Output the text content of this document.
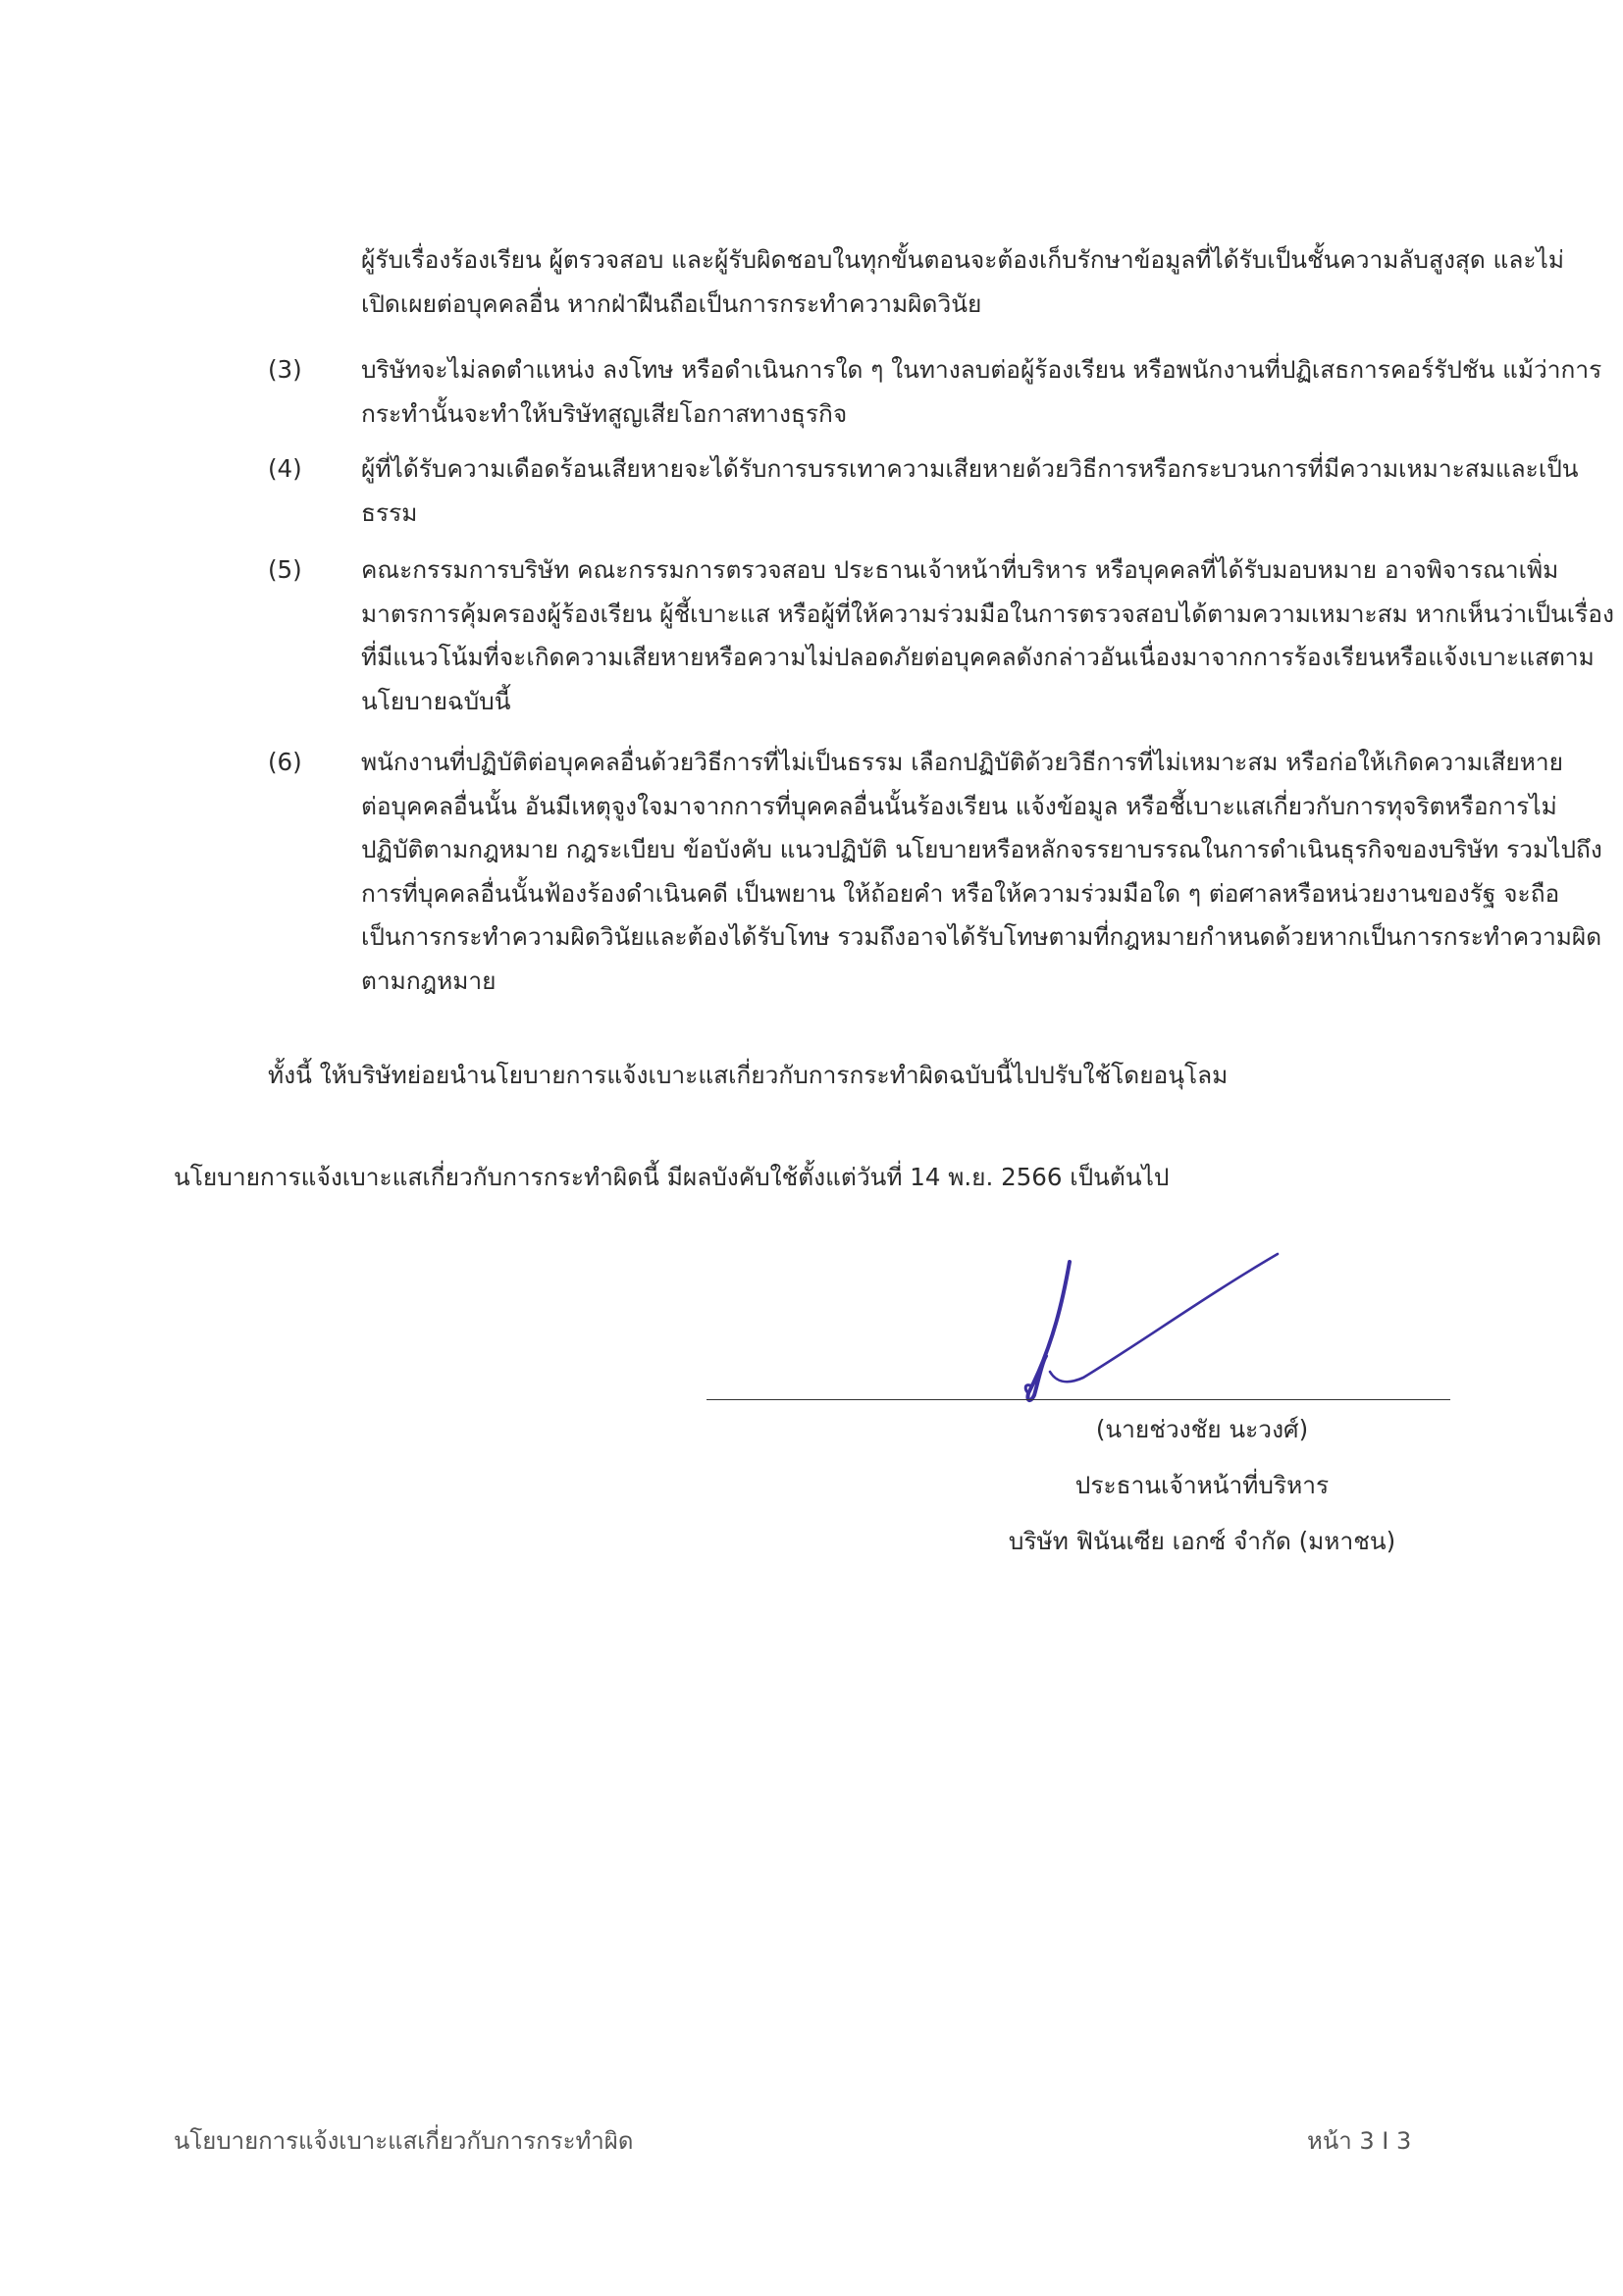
ผู้รับเรื่องร้องเรียน ผู้ตรวจสอบ และผู้รับผิดชอบในทุกขั้นตอนจะต้องเก็บรักษาข้อมูลที่ได้รับเป็นชั้นความลับสูงสุด และไม่
เปิดเผยต่อบุคคลอื่น หากฝ่าฝืนถือเป็นการกระทำความผิดวินัย
(3) บริษัทจะไม่ลดตำแหน่ง ลงโทษ หรือดำเนินการใด ๆ ในทางลบต่อผู้ร้องเรียน หรือพนักงานที่ปฏิเสธการคอร์รัปชัน แม้ว่าการ
กระทำนั้นจะทำให้บริษัทสูญเสียโอกาสทางธุรกิจ
(4) ผู้ที่ได้รับความเดือดร้อนเสียหายจะได้รับการบรรเทาความเสียหายด้วยวิธีการหรือกระบวนการที่มีความเหมาะสมและเป็น
ธรรม
(5) คณะกรรมการบริษัท คณะกรรมการตรวจสอบ ประธานเจ้าหน้าที่บริหาร หรือบุคคลที่ได้รับมอบหมาย อาจพิจารณาเพิ่ม
มาตรการคุ้มครองผู้ร้องเรียน ผู้ชี้เบาะแส หรือผู้ที่ให้ความร่วมมือในการตรวจสอบได้ตามความเหมาะสม หากเห็นว่าเป็นเรื่อง
ที่มีแนวโน้มที่จะเกิดความเสียหายหรือความไม่ปลอดภัยต่อบุคคลดังกล่าวอันเนื่องมาจากการร้องเรียนหรือแจ้งเบาะแสตาม
นโยบายฉบับนี้
(6) พนักงานที่ปฏิบัติต่อบุคคลอื่นด้วยวิธีการที่ไม่เป็นธรรม เลือกปฏิบัติด้วยวิธีการที่ไม่เหมาะสม หรือก่อให้เกิดความเสียหาย
ต่อบุคคลอื่นนั้น อันมีเหตุจูงใจมาจากการที่บุคคลอื่นนั้นร้องเรียน แจ้งข้อมูล หรือชี้เบาะแสเกี่ยวกับการทุจริตหรือการไม่
ปฏิบัติตามกฎหมาย กฎระเบียบ ข้อบังคับ แนวปฏิบัติ นโยบายหรือหลักจรรยาบรรณในการดำเนินธุรกิจของบริษัท รวมไปถึง
การที่บุคคลอื่นนั้นฟ้องร้องดำเนินคดี เป็นพยาน ให้ถ้อยคำ หรือให้ความร่วมมือใด ๆ ต่อศาลหรือหน่วยงานของรัฐ จะถือ
เป็นการกระทำความผิดวินัยและต้องได้รับโทษ รวมถึงอาจได้รับโทษตามที่กฎหมายกำหนดด้วยหากเป็นการกระทำความผิด
ตามกฎหมาย
ทั้งนี้ ให้บริษัทย่อยนำนโยบายการแจ้งเบาะแสเกี่ยวกับการกระทำผิดฉบับนี้ไปปรับใช้โดยอนุโลม
นโยบายการแจ้งเบาะแสเกี่ยวกับการกระทำผิดนี้ มีผลบังคับใช้ตั้งแต่วันที่ 14 พ.ย. 2566 เป็นต้นไป
(นายช่วงชัย นะวงศ์)
ประธานเจ้าหน้าที่บริหาร
บริษัท ฟินันเซีย เอกซ์ จำกัด (มหาชน)
นโยบายการแจ้งเบาะแสเกี่ยวกับการกระทำผิด	หน้า 3 I 3
